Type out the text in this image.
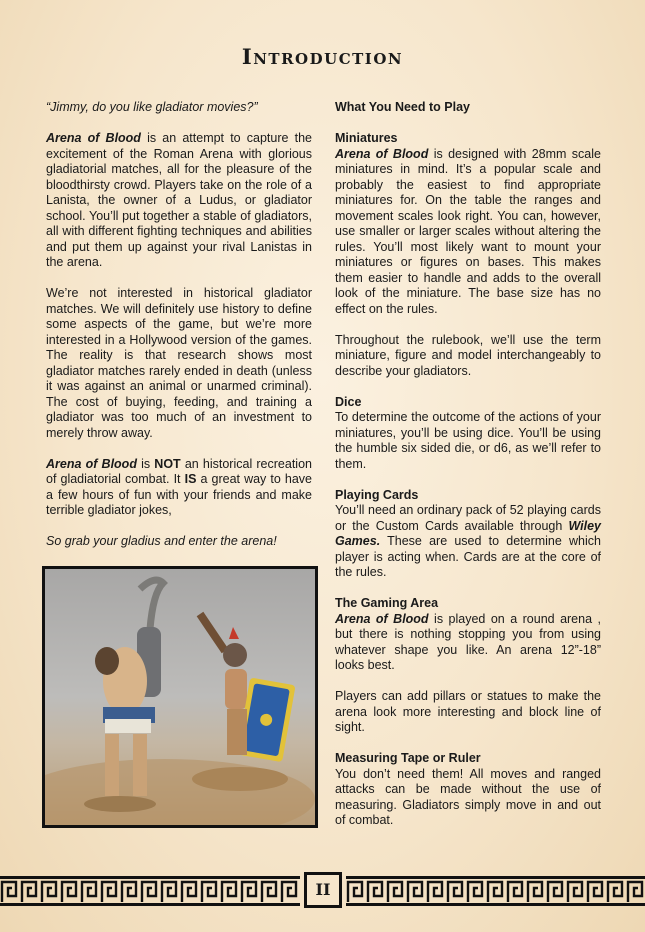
Introduction

“Jimmy, do you like gladiator movies?”

Arena of Blood is an attempt to capture the excitement of the Roman Arena with glorious gladiatorial matches, all for the pleasure of the bloodthirsty crowd. Players take on the role of a Lanista, the owner of a Ludus, or gladiator school. You’ll put together a stable of gladiators, all with different fighting techniques and abilities and put them up against your rival Lanistas in the arena.

We’re not interested in historical gladiator matches. We will definitely use history to define some aspects of the game, but we’re more interested in a Hollywood version of the games. The reality is that research shows most gladiator matches rarely ended in death (unless it was against an animal or unarmed criminal). The cost of buying, feeding, and training a gladiator was too much of an investment to merely throw away.

Arena of Blood is NOT an historical recreation of gladiatorial combat. It IS a great way to have a few hours of fun with your friends and make terrible gladiator jokes,

So grab your gladius and enter the arena!

What You Need to Play
Miniatures

Arena of Blood is designed with 28mm scale miniatures in mind. It’s a popular scale and probably the easiest to find appropriate miniatures for. On the table the ranges and movement scales look right. You can, however, use smaller or larger scales without altering the rules. You’ll most likely want to mount your miniatures or figures on bases. This makes them easier to handle and adds to the overall look of the miniature. The base size has no effect on the rules.

Throughout the rulebook, we’ll use the term miniature, figure and model interchangeably to describe your gladiators.

Dice

To determine the outcome of the actions of your miniatures, you’ll be using dice. You’ll be using the humble six sided die, or d6, as we’ll refer to them.

Playing Cards

You’ll need an ordinary pack of 52 playing cards or the Custom Cards available through Wiley Games. These are used to determine which player is acting when. Cards are at the core of the rules.

The Gaming Area

Arena of Blood is played on a round arena , but there is nothing stopping you from using whatever shape you like. An arena 12”-18” looks best.

Players can add pillars or statues to make the arena look more interesting and block line of sight.

Measuring Tape or Ruler

You don’t need them! All moves and ranged attacks can be made without the use of measuring. Gladiators simply move in and out of combat.

II
